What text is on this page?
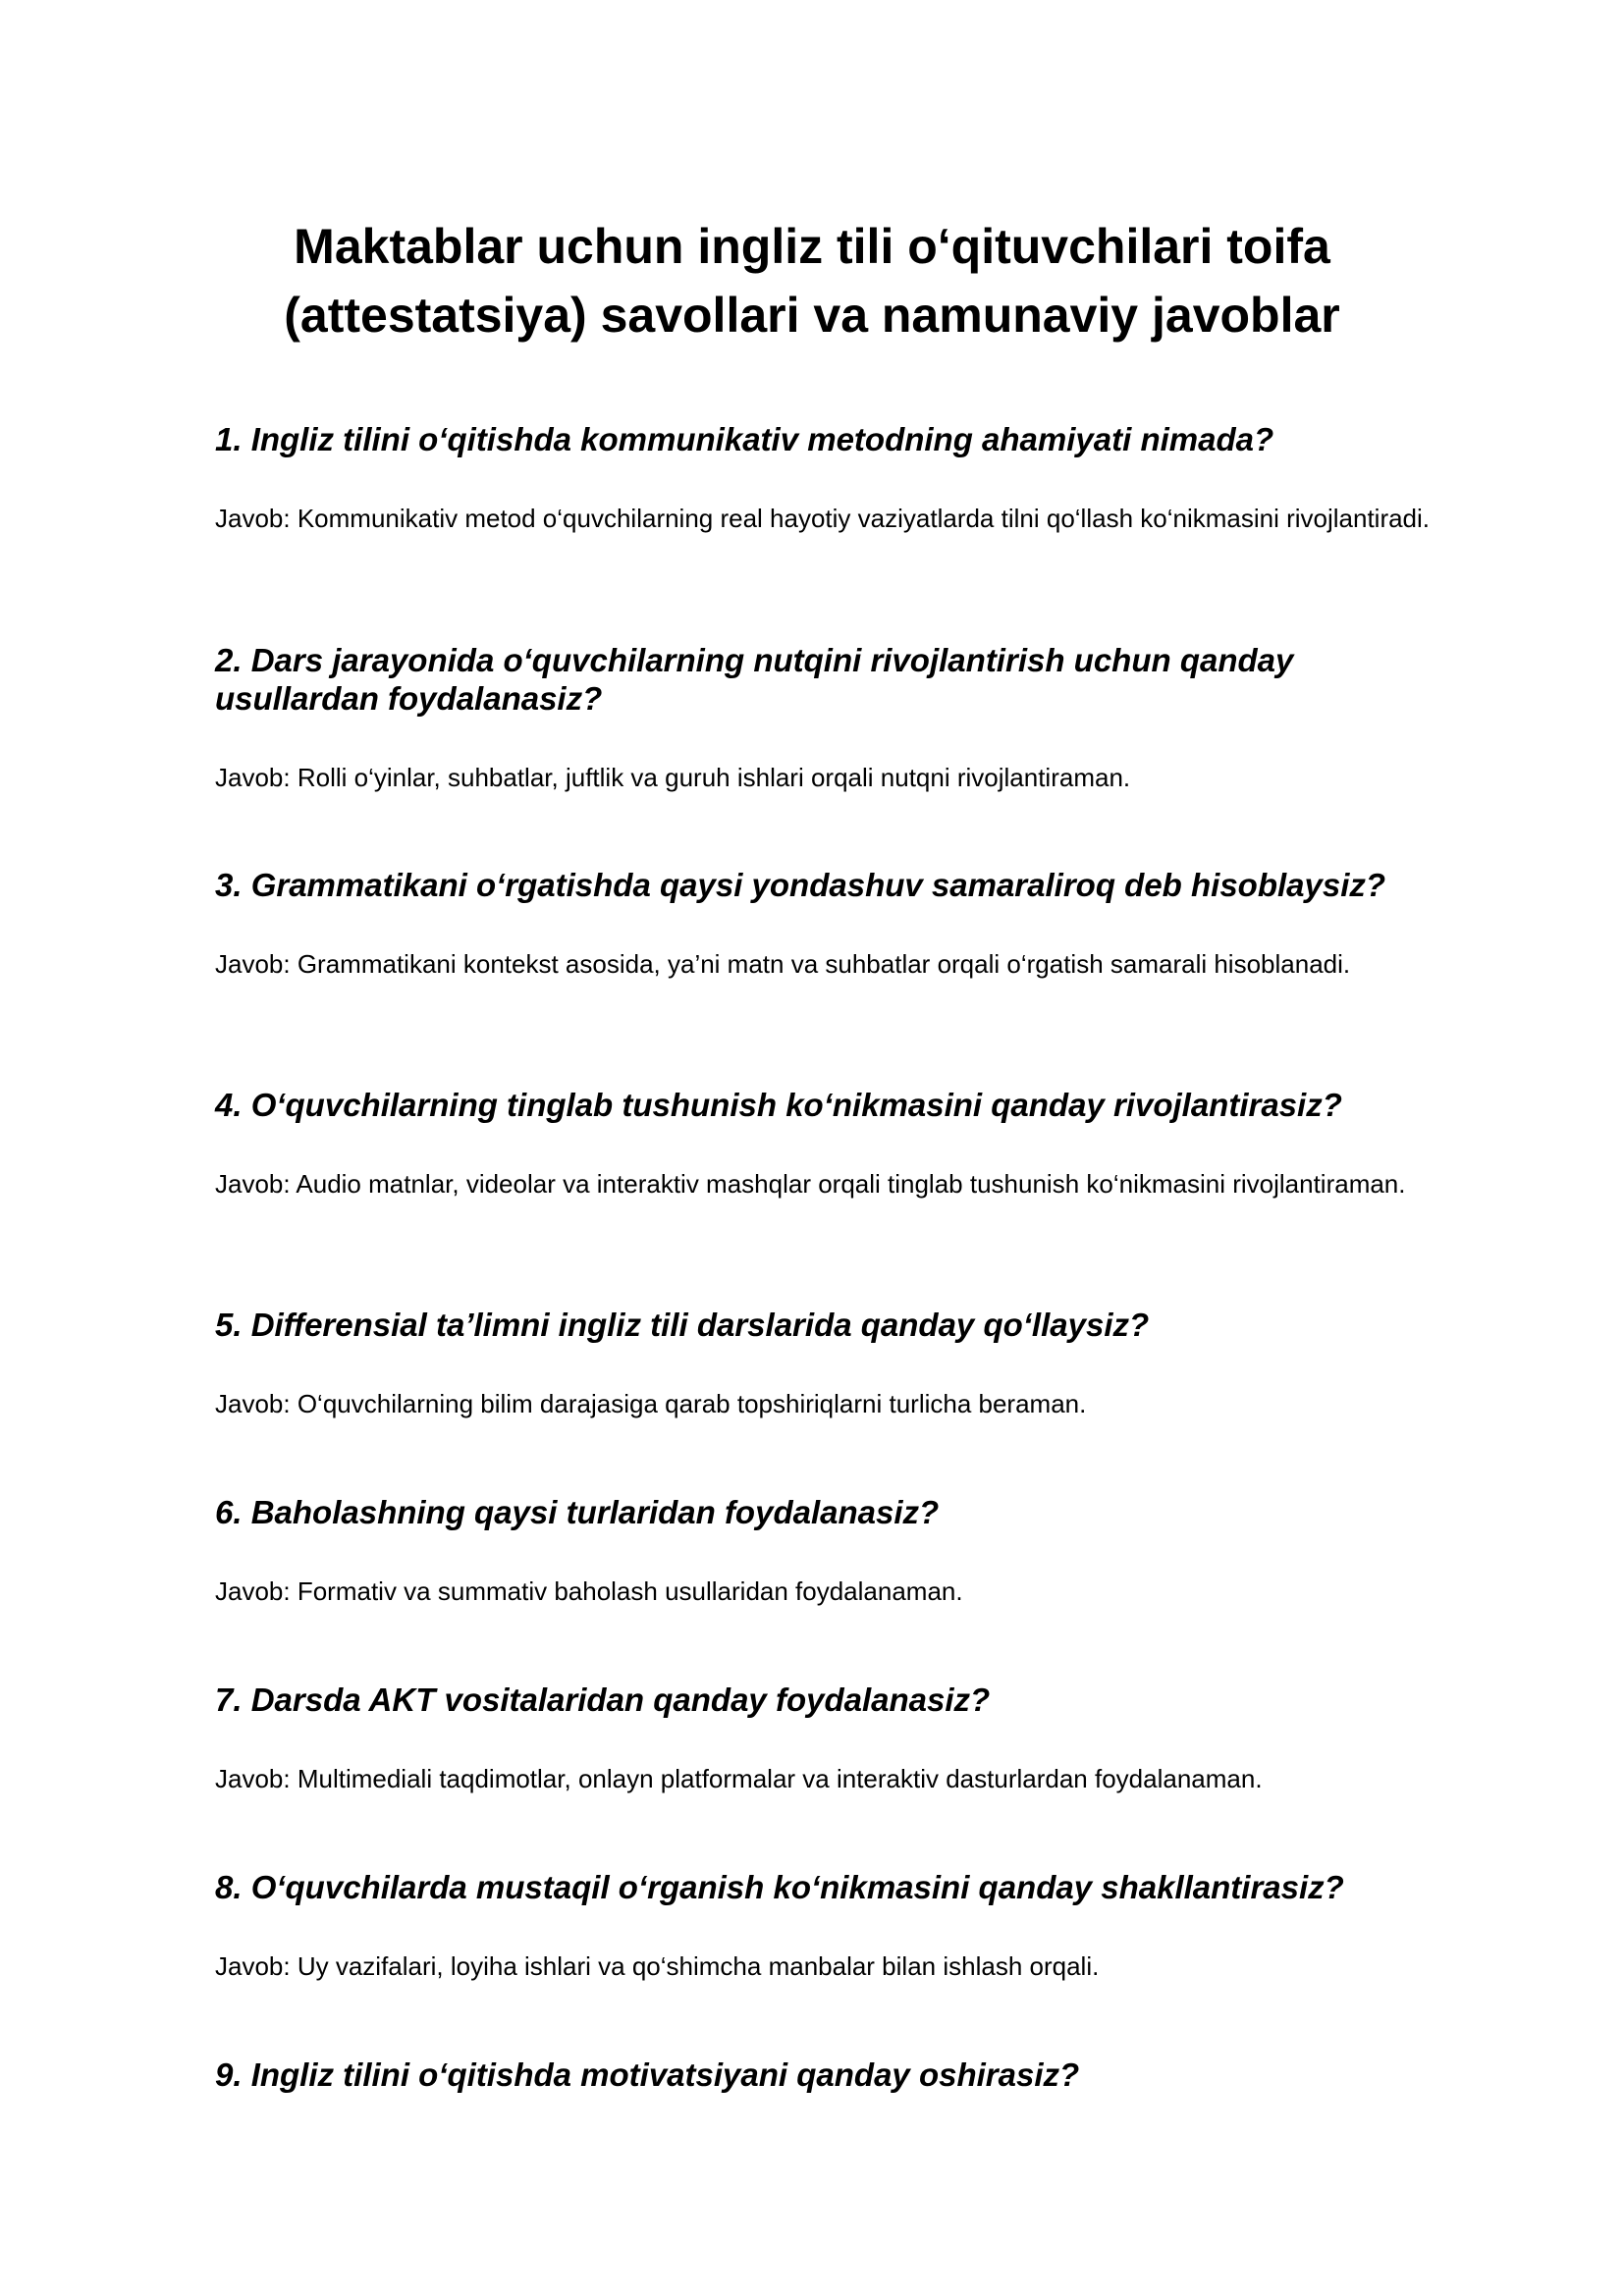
Maktablar uchun ingliz tili o‘qituvchilari toifa (attestatsiya) savollari va namunaviy javoblar

1. Ingliz tilini o‘qitishda kommunikativ metodning ahamiyati nimada?

Javob: Kommunikativ metod o‘quvchilarning real hayotiy vaziyatlarda tilni qo‘llash ko‘nikmasini rivojlantiradi.

2. Dars jarayonida o‘quvchilarning nutqini rivojlantirish uchun qanday usullardan foydalanasiz?

Javob: Rolli o‘yinlar, suhbatlar, juftlik va guruh ishlari orqali nutqni rivojlantiraman.

3. Grammatikani o‘rgatishda qaysi yondashuv samaraliroq deb hisoblaysiz?

Javob: Grammatikani kontekst asosida, ya’ni matn va suhbatlar orqali o‘rgatish samarali hisoblanadi.

4. O‘quvchilarning tinglab tushunish ko‘nikmasini qanday rivojlantirasiz?

Javob: Audio matnlar, videolar va interaktiv mashqlar orqali tinglab tushunish ko‘nikmasini rivojlantiraman.

5. Differensial ta’limni ingliz tili darslarida qanday qo‘llaysiz?

Javob: O‘quvchilarning bilim darajasiga qarab topshiriqlarni turlicha beraman.

6. Baholashning qaysi turlaridan foydalanasiz?

Javob: Formativ va summativ baholash usullaridan foydalanaman.

7. Darsda AKT vositalaridan qanday foydalanasiz?

Javob: Multimediali taqdimotlar, onlayn platformalar va interaktiv dasturlardan foydalanaman.

8. O‘quvchilarda mustaqil o‘rganish ko‘nikmasini qanday shakllantirasiz?

Javob: Uy vazifalari, loyiha ishlari va qo‘shimcha manbalar bilan ishlash orqali.

9. Ingliz tilini o‘qitishda motivatsiyani qanday oshirasiz?
